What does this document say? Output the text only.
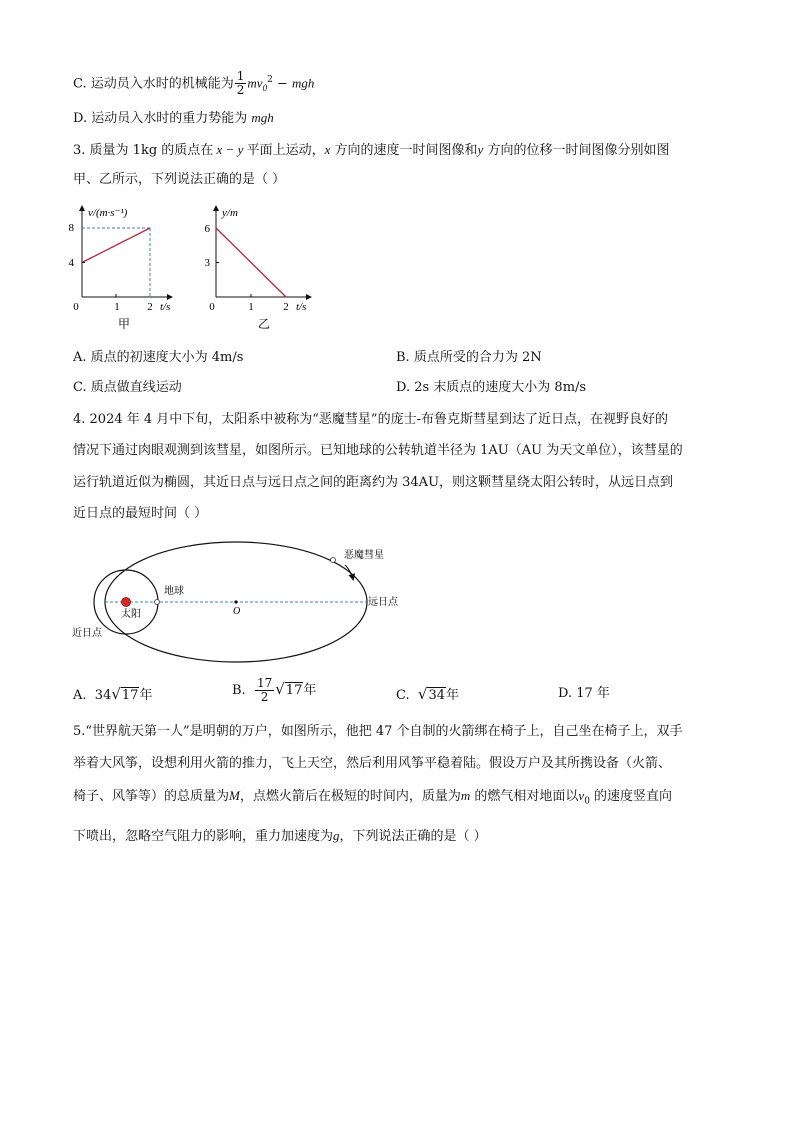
C. 运动员入水时的机械能为 $\frac{1}{2} mv_0^2$ − mgh
D. 运动员入水时的重力势能为 mgh
3. 质量为 1kg 的质点在 x − y 平面上运动，x 方向的速度一时间图像和y 方向的位移一时间图像分别如图
甲、乙所示，下列说法正确的是（ ）
v/(m·s⁻¹)
8
4
0	1	2 t/s
甲
y/m
6
3
0	1	2 t/s
乙
A. 质点的初速度大小为 4m/s	B. 质点所受的合力为 2N
C. 质点做直线运动	D. 2s 末质点的速度大小为 8m/s
4. 2024 年 4 月中下旬，太阳系中被称为“恶魔彗星”的庞士-布鲁克斯彗星到达了近日点，在视野良好的
情况下通过肉眼观测到该彗星，如图所示。已知地球的公转轨道半径为 1AU（AU 为天文单位），该彗星的
运行轨道近似为椭圆，其近日点与远日点之间的距离约为 34AU，则这颗彗星绕太阳公转时，从远日点到
近日点的最短时间（ ）
恶魔彗星
地球
太阳	O
远日点
近日点
A. 34√17年	B. $\frac{17}{2} √17$年	C. √34年	D. 17 年
5.“世界航天第一人”是明朝的万户，如图所示，他把 47 个自制的火箭绑在椅子上，自己坐在椅子上，双手
举着大风筝，设想利用火箭的推力，飞上天空，然后利用风筝平稳着陆。假设万户及其所携设备（火箭、
椅子、风筝等）的总质量为M，点燃火箭后在极短的时间内，质量为m 的燃气相对地面以$v_0$ 的速度竖直向
下喷出，忽略空气阻力的影响，重力加速度为g，下列说法正确的是（ ）
